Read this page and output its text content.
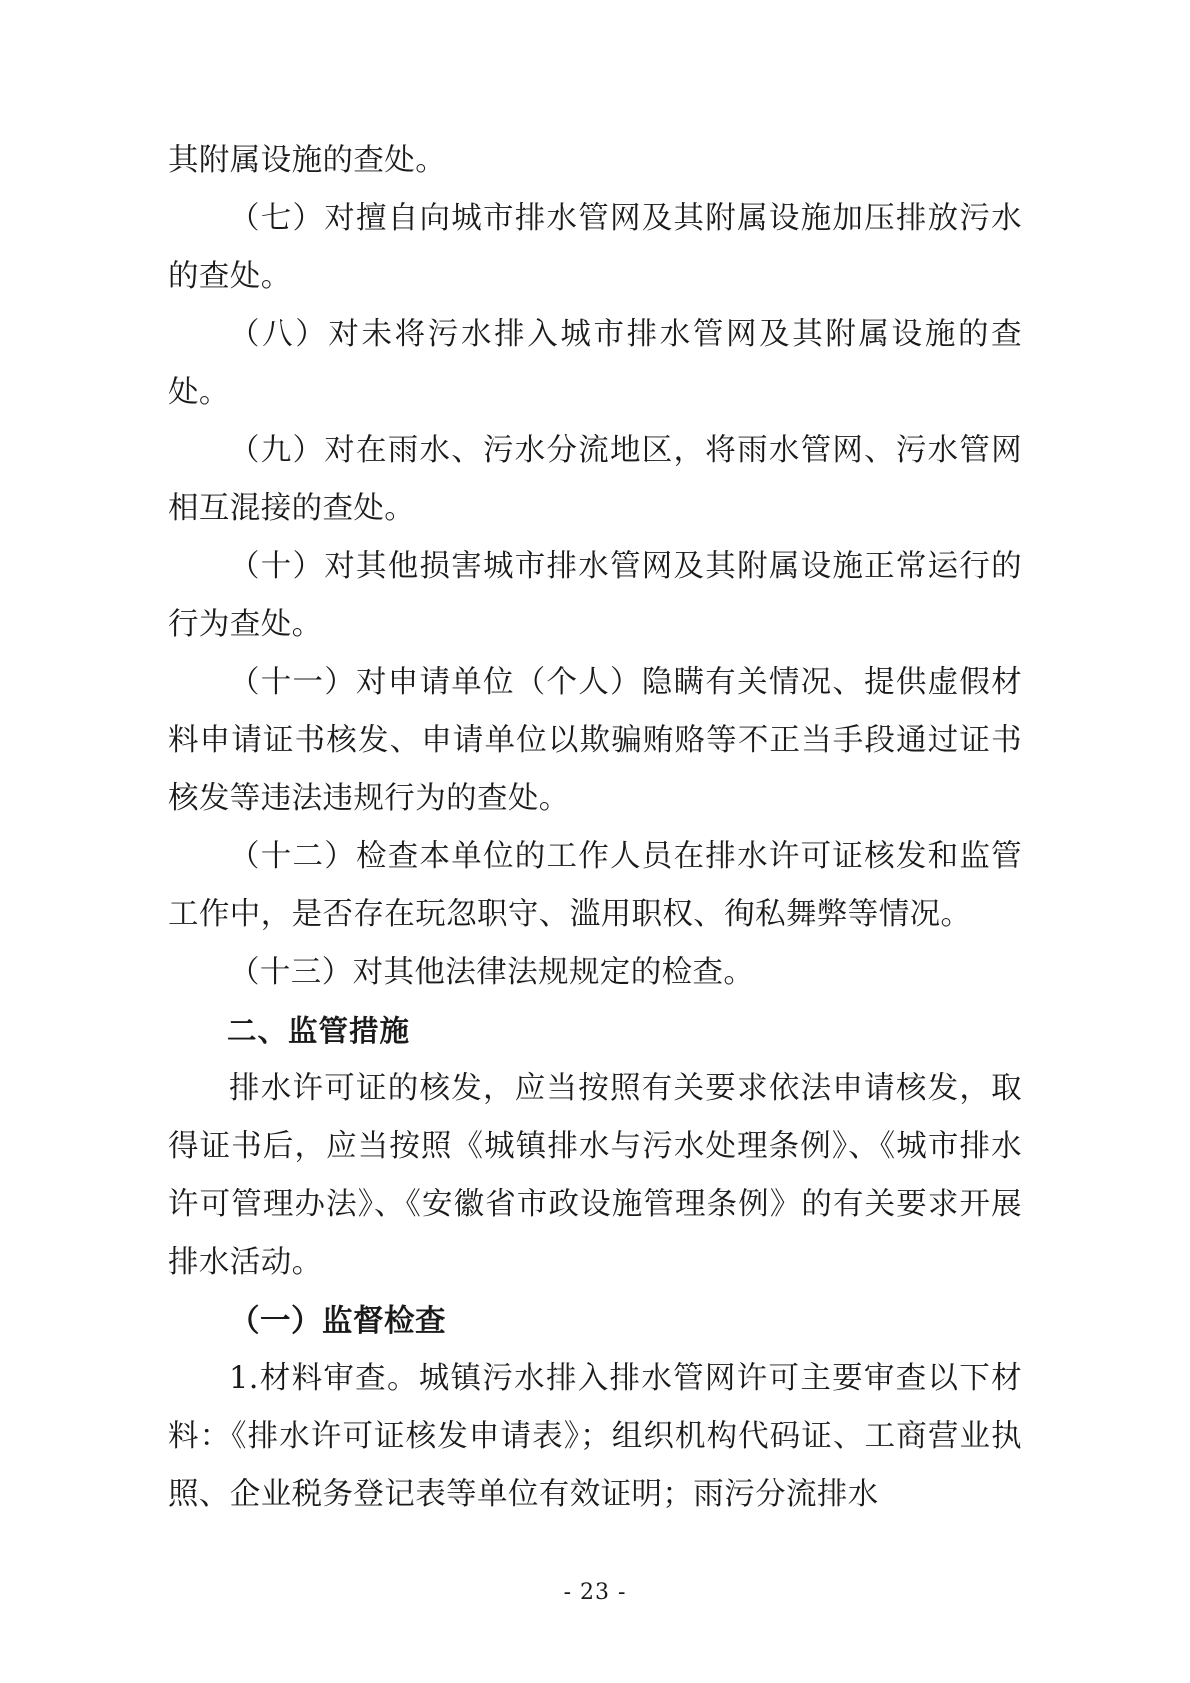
其附属设施的查处。

（七）对擅自向城市排水管网及其附属设施加压排放污水的查处。

（八）对未将污水排入城市排水管网及其附属设施的查处。

（九）对在雨水、污水分流地区，将雨水管网、污水管网相互混接的查处。

（十）对其他损害城市排水管网及其附属设施正常运行的行为查处。

（十一）对申请单位（个人）隐瞒有关情况、提供虚假材料申请证书核发、申请单位以欺骗贿赂等不正当手段通过证书核发等违法违规行为的查处。

（十二）检查本单位的工作人员在排水许可证核发和监管工作中，是否存在玩忽职守、滥用职权、徇私舞弊等情况。

（十三）对其他法律法规规定的检查。

二、监管措施

排水许可证的核发，应当按照有关要求依法申请核发，取得证书后，应当按照《城镇排水与污水处理条例》、《城市排水许可管理办法》、《安徽省市政设施管理条例》的有关要求开展排水活动。

（一）监督检查

1.材料审查。城镇污水排入排水管网许可主要审查以下材料：《排水许可证核发申请表》；组织机构代码证、工商营业执照、企业税务登记表等单位有效证明；雨污分流排水

- 23 -
